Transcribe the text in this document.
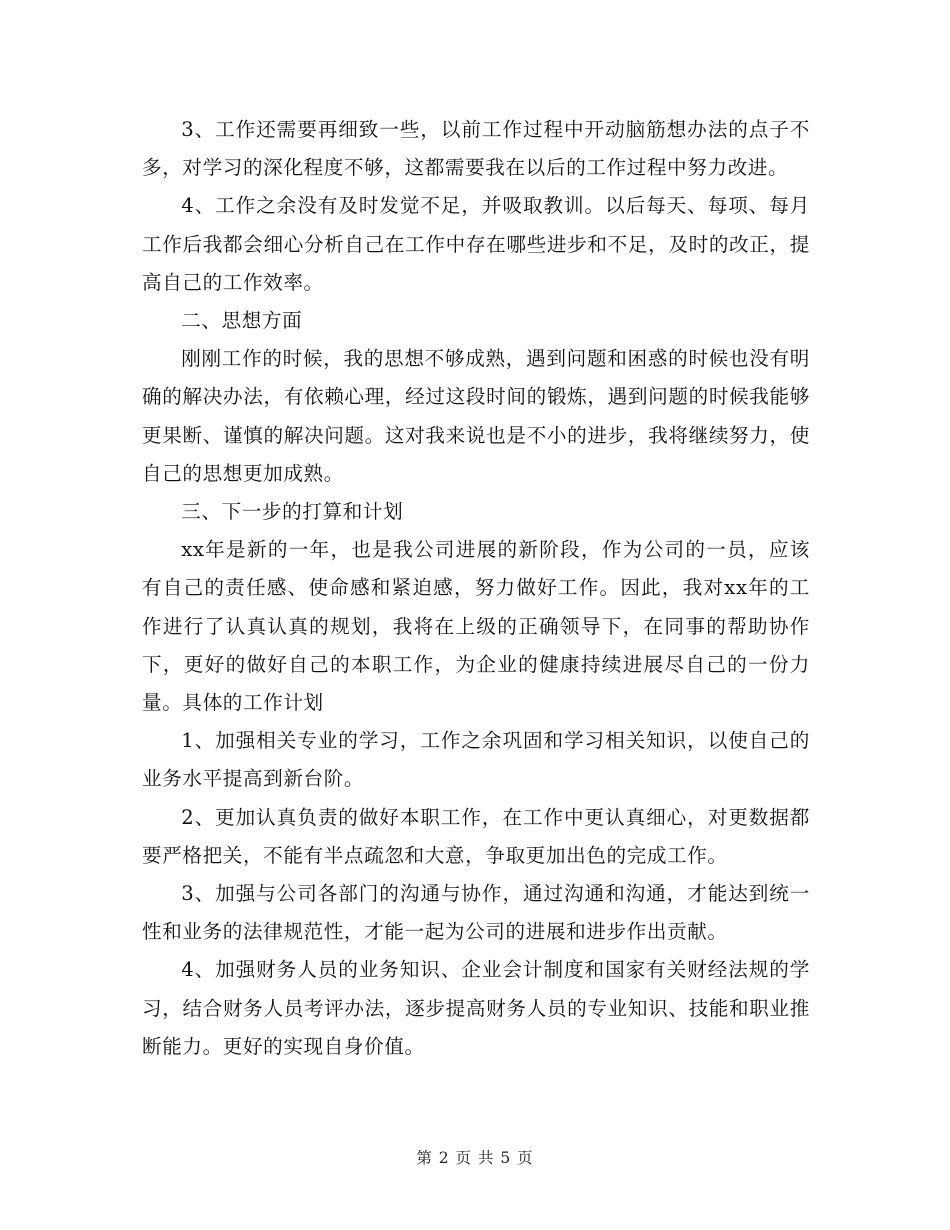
3、工作还需要再细致一些，以前工作过程中开动脑筋想办法的点子不多，对学习的深化程度不够，这都需要我在以后的工作过程中努力改进。

4、工作之余没有及时发觉不足，并吸取教训。以后每天、每项、每月工作后我都会细心分析自己在工作中存在哪些进步和不足，及时的改正，提高自己的工作效率。

二、思想方面

刚刚工作的时候，我的思想不够成熟，遇到问题和困惑的时候也没有明确的解决办法，有依赖心理，经过这段时间的锻炼，遇到问题的时候我能够更果断、谨慎的解决问题。这对我来说也是不小的进步，我将继续努力，使自己的思想更加成熟。

三、下一步的打算和计划

xx年是新的一年，也是我公司进展的新阶段，作为公司的一员，应该有自己的责任感、使命感和紧迫感，努力做好工作。因此，我对xx年的工作进行了认真认真的规划，我将在上级的正确领导下，在同事的帮助协作下，更好的做好自己的本职工作，为企业的健康持续进展尽自己的一份力量。具体的工作计划

1、加强相关专业的学习，工作之余巩固和学习相关知识，以使自己的业务水平提高到新台阶。

2、更加认真负责的做好本职工作，在工作中更认真细心，对更数据都要严格把关，不能有半点疏忽和大意，争取更加出色的完成工作。

3、加强与公司各部门的沟通与协作，通过沟通和沟通，才能达到统一性和业务的法律规范性，才能一起为公司的进展和进步作出贡献。

4、加强财务人员的业务知识、企业会计制度和国家有关财经法规的学习，结合财务人员考评办法，逐步提高财务人员的专业知识、技能和职业推断能力。更好的实现自身价值。

第 2 页 共 5 页
